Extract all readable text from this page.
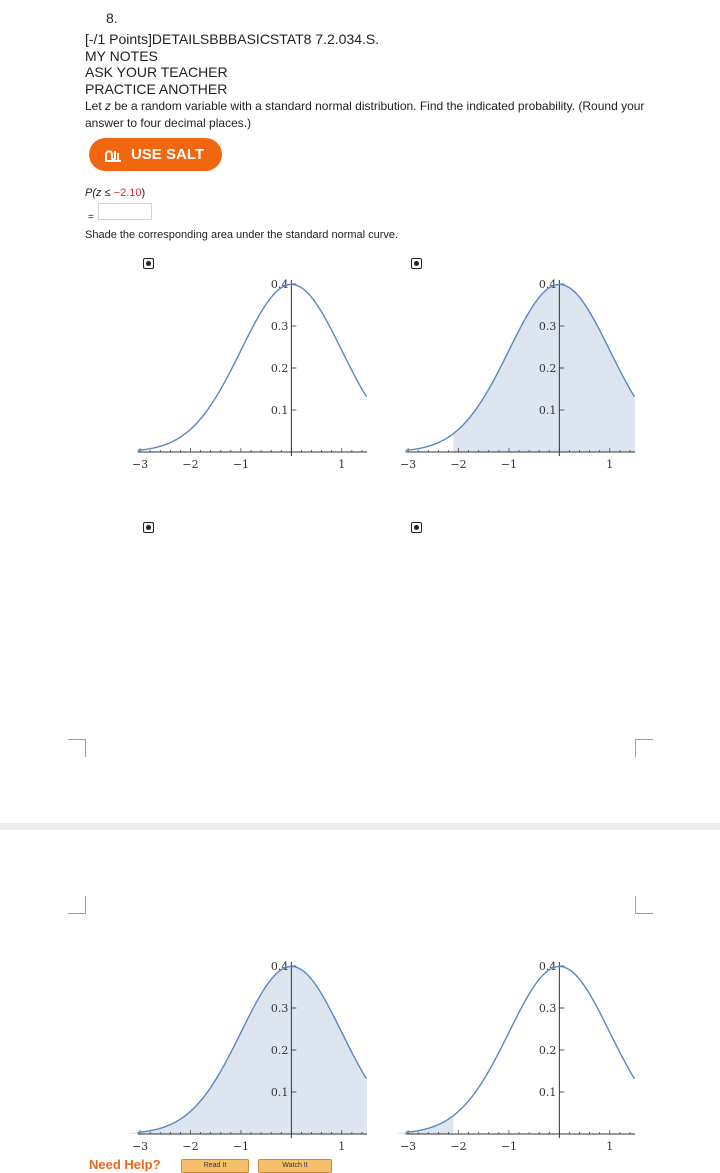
8.
[-/1 Points]DETAILSBBBASICSTAT8 7.2.034.S.
MY NOTES
ASK YOUR TEACHER
PRACTICE ANOTHER
Let z be a random variable with a standard normal distribution. Find the indicated probability. (Round your answer to four decimal places.)
USE SALT
P(z ≤ −2.10)
=
Shade the corresponding area under the standard normal curve.
−3	−2	−1	1
0.4
0.3
0.2
0.1
−3	−2	−1	1
0.4
0.3
0.2
0.1
−3	−2	−1	1
0.4
0.3
0.2
0.1
−3	−2	−1	1
0.4
0.3
0.2
0.1
Need Help?	Read It	Watch It
